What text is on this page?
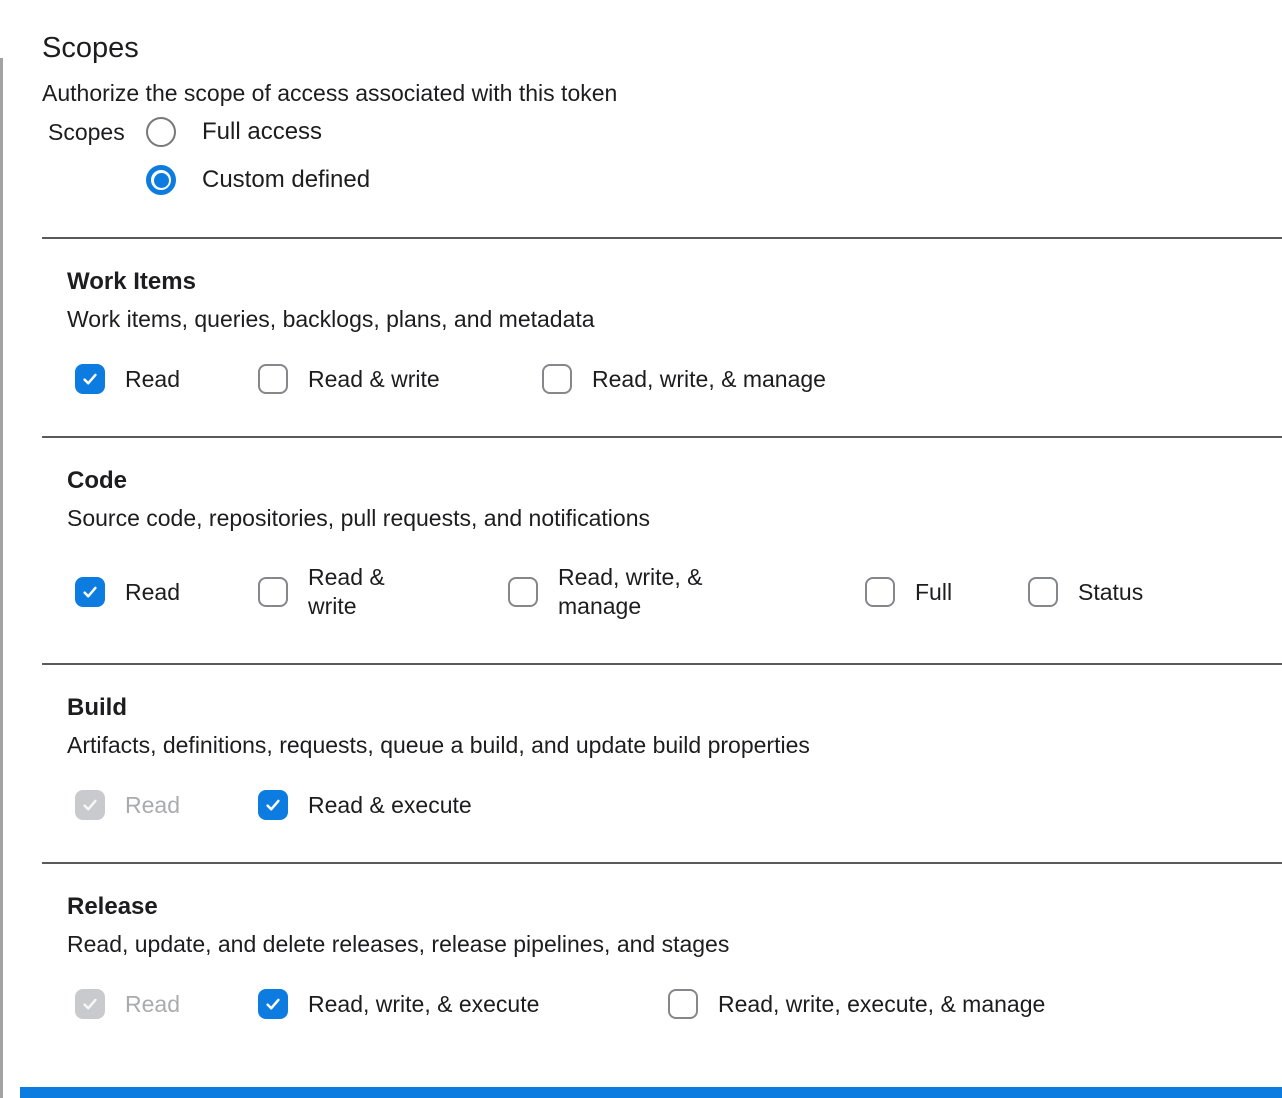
Scopes
Authorize the scope of access associated with this token
Scopes	Full access
Custom defined
Work Items
Work items, queries, backlogs, plans, and metadata
Read	Read & write	Read, write, & manage
Code
Source code, repositories, pull requests, and notifications
Read
Read & write
Read, write, & manage
Full	Status
Build
Artifacts, definitions, requests, queue a build, and update build properties
Read	Read & execute
Release
Read, update, and delete releases, release pipelines, and stages
Read	Read, write, & execute	Read, write, execute, & manage
